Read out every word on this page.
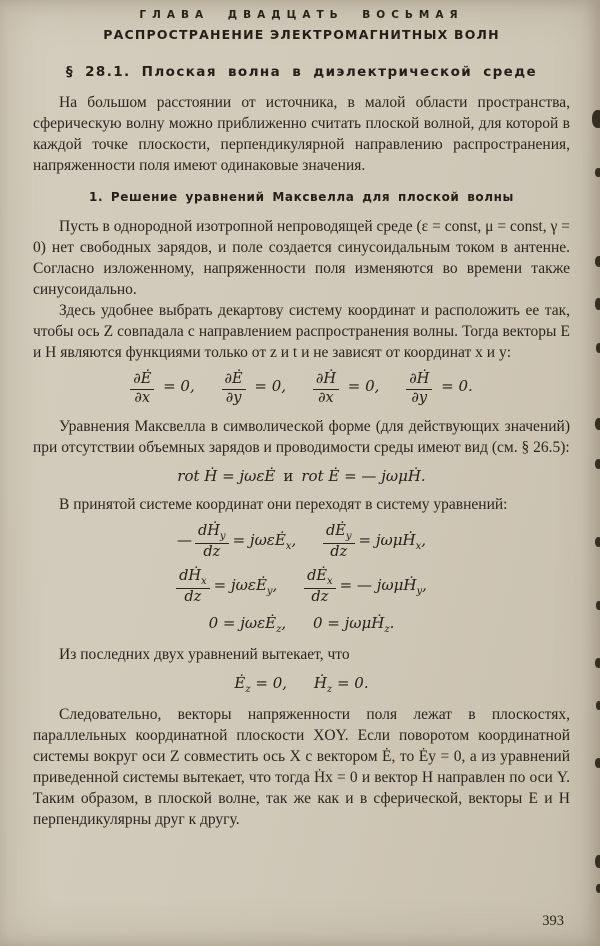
ГЛАВА ДВАДЦАТЬ ВОСЬМАЯ
РАСПРОСТРАНЕНИЕ ЭЛЕКТРОМАГНИТНЫХ ВОЛН
§ 28.1. Плоская волна в диэлектрической среде

На большом расстоянии от источника, в малой области пространства, сферическую волну можно приближенно считать плоской волной, для которой в каждой точке плоскости, перпендикулярной направлению распространения, напряженности поля имеют одинаковые значения.

1. Решение уравнений Максвелла для плоской волны

Пусть в однородной изотропной непроводящей среде (ε = const, μ = const, γ = 0) нет свободных зарядов, и поле создается синусоидальным током в антенне. Согласно изложенному, напряженности поля изменяются во времени также синусоидально.

Здесь удобнее выбрать декартову систему координат и расположить ее так, чтобы ось Z совпадала с направлением распространения волны. Тогда векторы E и H являются функциями только от z и t и не зависят от координат x и y:

$\frac{\partial Ė}{\partial x} = 0$, $\frac{\partial Ė}{\partial y} = 0$, $\frac{\text{∂Ḣ}}{\partial x} = 0$, $\frac{\text{∂Ḣ}}{\partial y} = 0$.

Уравнения Максвелла в символической форме (для действующих значений) при отсутствии объемных зарядов и проводимости среды имеют вид (см. § 26.5):

rot Ḣ = jωεĖ и rot Ė = — jωμḢ.

В принятой системе координат они переходят в систему уравнений:

— $\frac{dḢ_y}{dz}$ = jωεĖ$_x$, $\frac{dĖ_y}{dz}$ = jωμḢ$_x$,
$\frac{dḢ_x}{dz}$ = jωεĖ$_y$, $\frac{dĖ_x}{dz}$ = — jωμḢ$_y$,
0 = jωεĖ$_z$, 0 = jωμḢ$_z$.

Из последних двух уравнений вытекает, что

$Ė_z = 0$, Ḣ$_z$ = 0.

Следовательно, векторы напряженности поля лежат в плоскостях, параллельных координатной плоскости XOY. Если поворотом координатной системы вокруг оси Z совместить ось X с вектором Ė, то Ėy = 0, а из уравнений приведенной системы вытекает, что тогда Ḣx = 0 и вектор H направлен по оси Y. Таким образом, в плоской волне, так же как и в сферической, векторы E и H перпендикулярны друг к другу.

393
